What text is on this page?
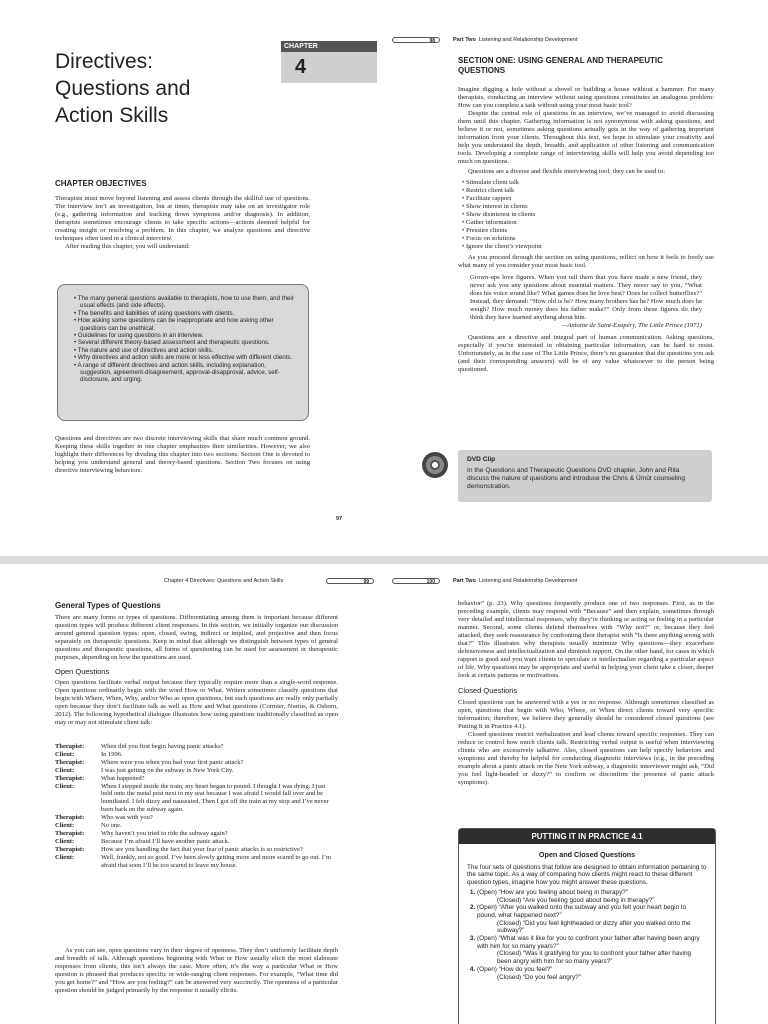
Directives:
Questions and
Action Skills
CHAPTER
4
CHAPTER OBJECTIVES

Therapists must move beyond listening and assess clients through the skillful use of questions. The interview isn’t an investigation, but at times, therapists may take on an investigator role (e.g., gathering information and tracking down symptoms and/or diagnosis). In addition, therapists sometimes encourage clients to take specific actions—actions deemed helpful for creating insight or resolving a problem. In this chapter, we analyze questions and directive techniques often used in a clinical interview.

After reading this chapter, you will understand:

• The many general questions available to therapists, how to use them, and their usual effects (and side effects).
• The benefits and liabilities of using questions with clients.
• How asking some questions can be inappropriate and how asking other questions can be unethical.
• Guidelines for using questions in an interview.
• Several different theory-based assessment and therapeutic questions.
• The nature and use of directives and action skills.
• Why directives and action skills are more or less effective with different clients.
• A range of different directives and action skills, including explanation, suggestion, agreement-disagreement, approval-disapproval, advice, self-disclosure, and urging.

Questions and directives are two discrete interviewing skills that share much common ground. Keeping these skills together in one chapter emphasizes their similarities. However, we also highlight their differences by dividing this chapter into two sections. Section One is devoted to helping you understand general and theory-based questions. Section Two focuses on using directive interviewing behaviors.

97
98	Part Two Listening and Relationship Development
SECTION ONE: USING GENERAL AND THERAPEUTIC QUESTIONS

Imagine digging a hole without a shovel or building a house without a hammer. For many therapists, conducting an interview without using questions constitutes an analogous problem: How can you complete a task without using your most basic tool?

Despite the central role of questions in an interview, we’ve managed to avoid discussing them until this chapter. Gathering information is not synonymous with asking questions, and believe it or not, sometimes asking questions actually gets in the way of gathering important information from your clients. Throughout this text, we hope to stimulate your creativity and help you understand the depth, breadth, and application of other listening and communication tools. Developing a complete range of interviewing skills will help you avoid depending too much on questions.

Questions are a diverse and flexible interviewing tool; they can be used to:

• Stimulate client talk
• Restrict client talk
• Facilitate rapport
• Show interest in clients
• Show disinterest in clients
• Gather information
• Pressure clients
• Focus on solutions
• Ignore the client’s viewpoint

As you proceed through the section on using questions, reflect on how it feels to freely use what many of you consider your most basic tool.

Grown-ups love figures. When you tell them that you have made a new friend, they never ask you any questions about essential matters. They never say to you, “What does his voice sound like? What games does he love best? Does he collect butterflies?” Instead, they demand: “How old is he? How many brothers has he? How much does he weigh? How much money does his father make?” Only from these figures do they think they have learned anything about him.

—Antoine de Saint-Exupéry, The Little Prince (1971)

Questions are a directive and integral part of human communication. Asking questions, especially if you’re interested in obtaining particular information, can be hard to resist. Unfortunately, as in the case of The Little Prince, there’s no guarantee that the questions you ask (and their corresponding answers) will be of any value whatsoever to the person being questioned.

DVD Clip
In the Questions and Therapeutic Questions DVD chapter, John and Rita discuss the nature of questions and introduce the Chris & Ümüt counseling demonstration.
Chapter 4 Directives: Questions and Action Skills	99
General Types of Questions

There are many forms or types of questions. Differentiating among them is important because different question types will produce different client responses. In this section, we initially organize our discussion around general question types: open, closed, swing, indirect or implied, and projective and then focus separately on therapeutic questions. Keep in mind that although we distinguish between types of general questions and therapeutic questions, all forms of questioning can be used for assessment or therapeutic purposes, depending on how the questions are used.

Open Questions

Open questions facilitate verbal output because they typically require more than a single-word response. Open questions ordinarily begin with the word How or What. Writers sometimes classify questions that begin with Where, When, Why, and/or Who as open questions, but such questions are really only partially open because they don’t facilitate talk as well as How and What questions (Cormier, Nurius, & Osborn, 2012). The following hypothetical dialogue illustrates how using questions traditionally classified as open may or may not stimulate client talk:

Therapist:	When did you first begin having panic attacks?
Client:	In 1996.
Therapist:	Where were you when you had your first panic attack?
Client:	I was just getting on the subway in New York City.
Therapist:	What happened?
Client:	When I stepped inside the train, my heart began to pound. I thought I was dying. I just held onto the metal post next to my seat because I was afraid I would fall over and be humiliated. I felt dizzy and nauseated. Then I got off the train at my stop and I’ve never been back on the subway again.
Therapist:	Who was with you?
Client:	No one.
Therapist:	Why haven’t you tried to ride the subway again?
Client:	Because I’m afraid I’ll have another panic attack.
Therapist:	How are you handling the fact that your fear of panic attacks is so restrictive?
Client:	Well, frankly, not so good. I’ve been slowly getting more and more scared to go out. I’m afraid that soon I’ll be too scared to leave my house.

As you can see, open questions vary in their degree of openness. They don’t uniformly facilitate depth and breadth of talk. Although questions beginning with What or How usually elicit the most elaborate responses from clients, this isn’t always the case. More often, it’s the way a particular What or How question is phrased that produces specific or wide-ranging client responses. For example, “What time did you get home?” and “How are you feeling?” can be answered very succinctly. The openness of a particular question should be judged primarily by the response it usually elicits.

100	Part Two Listening and Relationship Development

behavior” (p. 23). Why questions frequently produce one of two responses. First, as in the preceding example, clients may respond with “Because” and then explain, sometimes through very detailed and intellectual responses, why they’re thinking or acting or feeling in a particular manner. Second, some clients defend themselves with “Why not?” or, because they feel attacked, they seek reassurance by confronting their therapist with “Is there anything wrong with that?” This illustrates why therapists usually minimize Why questions—they exacerbate defensiveness and intellectualization and diminish rapport. On the other hand, for cases in which rapport is good and you want clients to speculate or intellectualize regarding a particular aspect of life, Why questions may be appropriate and useful in helping your client take a closer, deeper look at certain patterns or motivations.

Closed Questions

Closed questions can be answered with a yes or no response. Although sometimes classified as open, questions that begin with Who, Where, or When direct clients toward very specific information; therefore, we believe they generally should be considered closed questions (see Putting It in Practice 4.1).

Closed questions restrict verbalization and lead clients toward specific responses. They can reduce or control how much clients talk. Restricting verbal output is useful when interviewing clients who are excessively talkative. Also, closed questions can help specify behaviors and symptoms and thereby be helpful for conducting diagnostic interviews (e.g., in the preceding example about a panic attack on the New York subway, a diagnostic interviewer might ask, “Did you feel light-headed or dizzy?” to confirm or disconfirm the presence of panic attack symptoms).

PUTTING IT IN PRACTICE 4.1
Open and Closed Questions
The four sets of questions that follow are designed to obtain information pertaining to the same topic. As a way of comparing how clients might react to these different question types, imagine how you might answer these questions.
1. (Open) “How are you feeling about being in therapy?”
(Closed) “Are you feeling good about being in therapy?”
2. (Open) “After you walked onto the subway and you felt your heart begin to pound, what happened next?”
(Closed) “Did you feel lightheaded or dizzy after you walked onto the subway?”
3. (Open) “What was it like for you to confront your father after having been angry with him for so many years?”
(Closed) “Was it gratifying for you to confront your father after having been angry with him for so many years?”
4. (Open) “How do you feel?”
(Closed) “Do you feel angry?”
